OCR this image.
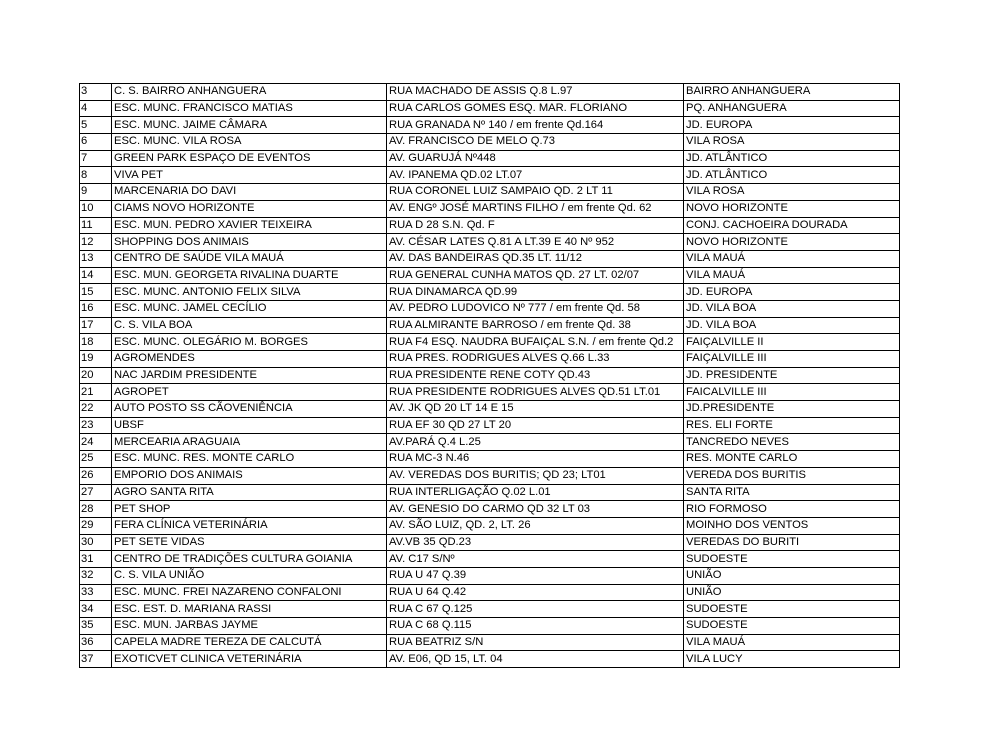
3	C. S. BAIRRO ANHANGUERA	RUA MACHADO DE ASSIS Q.8 L.97	BAIRRO ANHANGUERA
4	ESC. MUNC. FRANCISCO MATIAS	RUA CARLOS GOMES ESQ. MAR. FLORIANO	PQ. ANHANGUERA
5	ESC. MUNC. JAIME CÂMARA	RUA GRANADA Nº 140 / em frente Qd.164	JD. EUROPA
6	ESC. MUNC. VILA ROSA	AV. FRANCISCO DE MELO Q.73	VILA ROSA
7	GREEN PARK ESPAÇO DE EVENTOS	AV. GUARUJÁ Nº448	JD. ATLÂNTICO
8	VIVA PET	AV. IPANEMA QD.02 LT.07	JD. ATLÂNTICO
9	MARCENARIA DO DAVI	RUA CORONEL LUIZ SAMPAIO QD. 2 LT 11	VILA ROSA
10	CIAMS NOVO HORIZONTE	AV. ENGº JOSÉ MARTINS FILHO / em frente Qd. 62	NOVO HORIZONTE
11	ESC. MUN. PEDRO XAVIER TEIXEIRA	RUA D 28 S.N. Qd. F	CONJ. CACHOEIRA DOURADA
12	SHOPPING DOS ANIMAIS	AV. CÉSAR LATES Q.81 A LT.39 E 40 Nº 952	NOVO HORIZONTE
13	CENTRO DE SAÚDE VILA MAUÁ	AV. DAS BANDEIRAS QD.35 LT. 11/12	VILA MAUÁ
14	ESC. MUN. GEORGETA RIVALINA DUARTE	RUA GENERAL CUNHA MATOS QD. 27 LT. 02/07	VILA MAUÁ
15	ESC. MUNC. ANTONIO FELIX SILVA	RUA DINAMARCA QD.99	JD. EUROPA
16	ESC. MUNC. JAMEL CECÍLIO	AV. PEDRO LUDOVICO Nº 777 / em frente Qd. 58	JD. VILA BOA
17	C. S. VILA BOA	RUA ALMIRANTE BARROSO / em frente Qd. 38	JD. VILA BOA
18	ESC. MUNC. OLEGÁRIO M. BORGES	RUA F4 ESQ. NAUDRA BUFAIÇAL S.N. / em frente Qd.2	FAIÇALVILLE II
19	AGROMENDES	RUA PRES. RODRIGUES ALVES Q.66 L.33	FAIÇALVILLE III
20	NAC JARDIM PRESIDENTE	RUA PRESIDENTE RENE COTY QD.43	JD. PRESIDENTE
21	AGROPET	RUA PRESIDENTE RODRIGUES ALVES QD.51 LT.01	FAICALVILLE III
22	AUTO POSTO SS CÃOVENIÊNCIA	AV. JK QD 20 LT 14 E 15	JD.PRESIDENTE
23	UBSF	RUA EF 30 QD 27 LT 20	RES. ELI FORTE
24	MERCEARIA ARAGUAIA	AV.PARÁ Q.4 L.25	TANCREDO NEVES
25	ESC. MUNC. RES. MONTE CARLO	RUA MC-3 N.46	RES. MONTE CARLO
26	EMPORIO DOS ANIMAIS	AV. VEREDAS DOS BURITIS; QD 23; LT01	VEREDA DOS BURITIS
27	AGRO SANTA RITA	RUA INTERLIGAÇÃO Q.02 L.01	SANTA RITA
28	PET SHOP	AV. GENESIO DO CARMO QD 32 LT 03	RIO FORMOSO
29	FERA CLÍNICA VETERINÁRIA	AV. SÃO LUIZ, QD. 2, LT. 26	MOINHO DOS VENTOS
30	PET SETE VIDAS	AV.VB 35 QD.23	VEREDAS DO BURITI
31	CENTRO DE TRADIÇÕES CULTURA GOIANIA	AV. C17 S/Nº	SUDOESTE
32	C. S. VILA UNIÃO	RUA U 47 Q.39	UNIÃO
33	ESC. MUNC. FREI NAZARENO CONFALONI	RUA U 64 Q.42	UNIÃO
34	ESC. EST. D. MARIANA RASSI	RUA C 67 Q.125	SUDOESTE
35	ESC. MUN. JARBAS JAYME	RUA C 68 Q.115	SUDOESTE
36	CAPELA MADRE TEREZA DE CALCUTÁ	RUA BEATRIZ S/N	VILA MAUÁ
37	EXOTICVET CLINICA VETERINÁRIA	AV. E06, QD 15, LT. 04	VILA LUCY
